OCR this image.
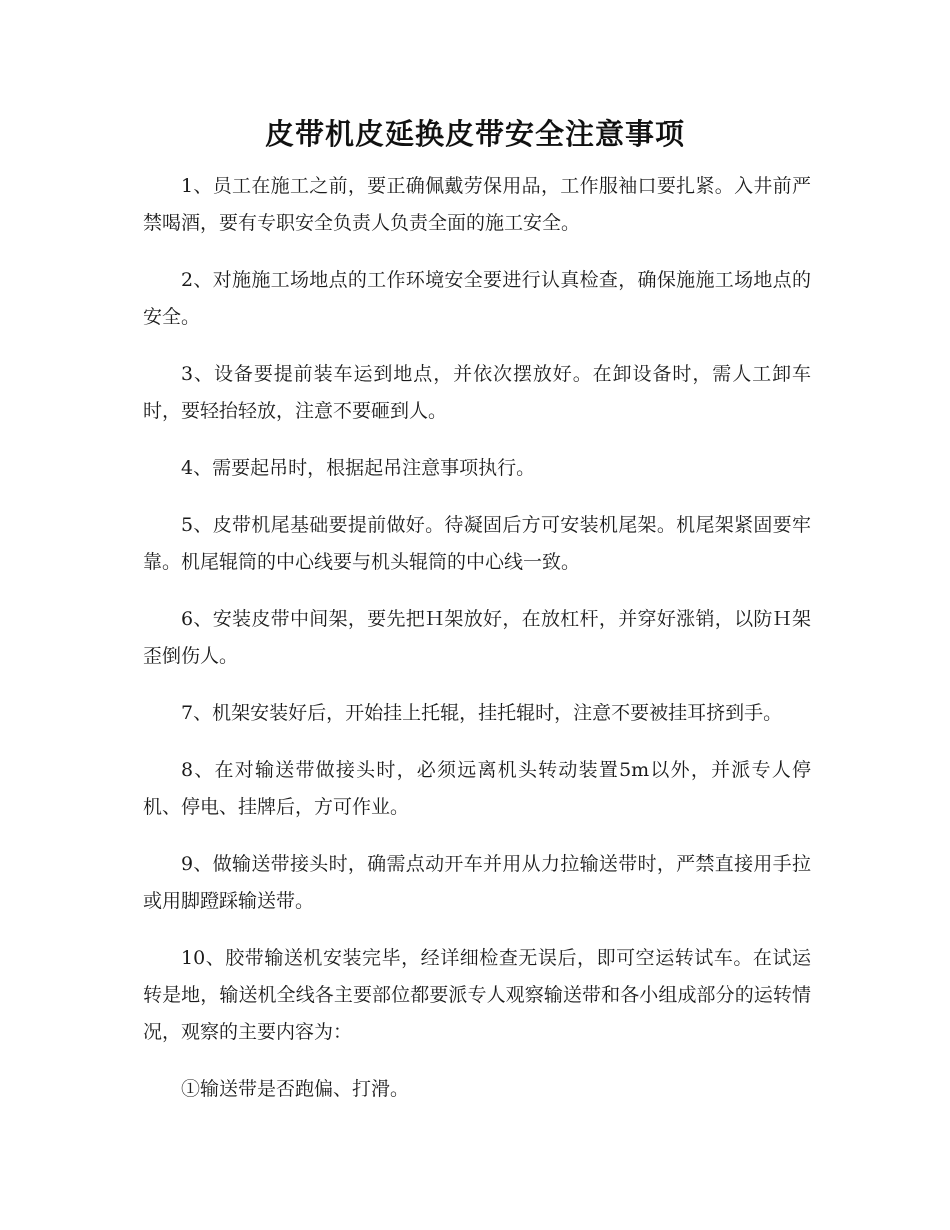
皮带机皮延换皮带安全注意事项

1、员工在施工之前，要正确佩戴劳保用品，工作服袖口要扎紧。入井前严禁喝酒，要有专职安全负责人负责全面的施工安全。

2、对施施工场地点的工作环境安全要进行认真检查，确保施施工场地点的安全。

3、设备要提前装车运到地点，并依次摆放好。在卸设备时，需人工卸车时，要轻抬轻放，注意不要砸到人。

4、需要起吊时，根据起吊注意事项执行。

5、皮带机尾基础要提前做好。待凝固后方可安装机尾架。机尾架紧固要牢靠。机尾辊筒的中心线要与机头辊筒的中心线一致。

6、安装皮带中间架，要先把Ｈ架放好，在放杠杆，并穿好涨销，以防Ｈ架歪倒伤人。

7、机架安装好后，开始挂上托辊，挂托辊时，注意不要被挂耳挤到手。

8、在对输送带做接头时，必须远离机头转动装置5m以外，并派专人停机、停电、挂牌后，方可作业。

9、做输送带接头时，确需点动开车并用从力拉输送带时，严禁直接用手拉或用脚蹬踩输送带。

10、胶带输送机安装完毕，经详细检查无误后，即可空运转试车。在试运转是地，输送机全线各主要部位都要派专人观察输送带和各小组成部分的运转情况，观察的主要内容为：

①输送带是否跑偏、打滑。
